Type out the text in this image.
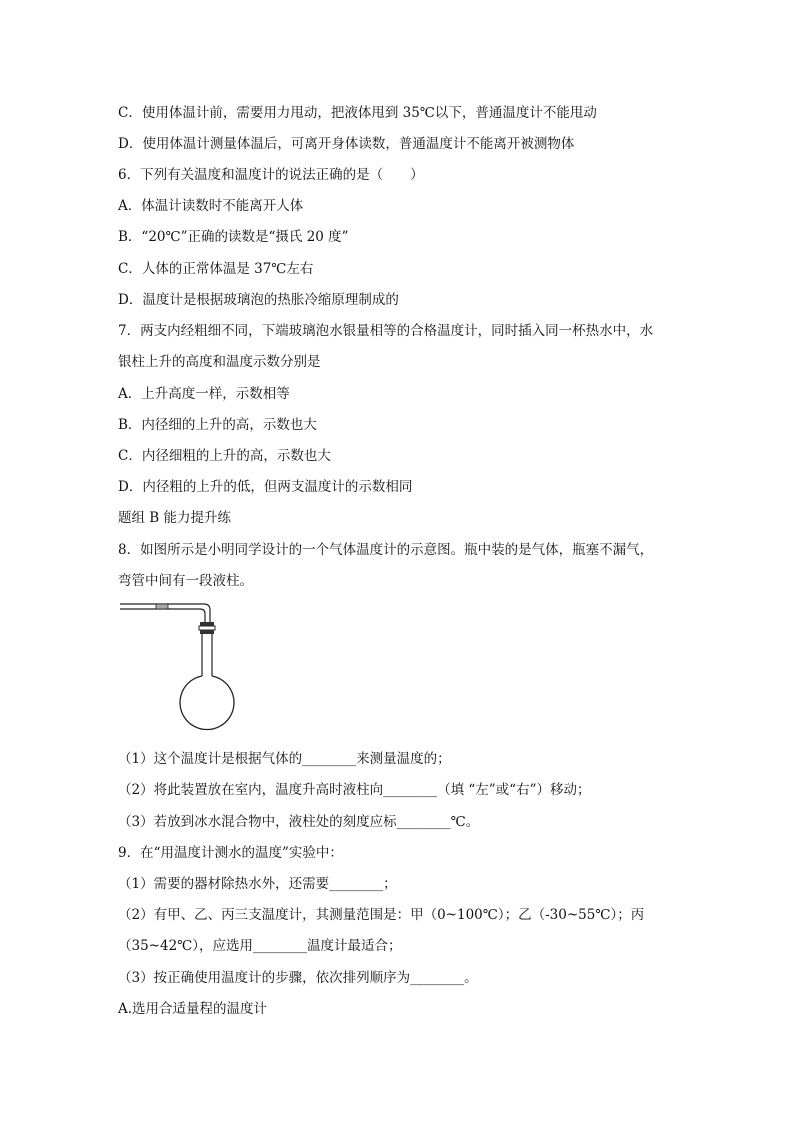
C．使用体温计前，需要用力甩动，把液体甩到 35℃以下，普通温度计不能甩动
D．使用体温计测量体温后，可离开身体读数，普通温度计不能离开被测物体
6．下列有关温度和温度计的说法正确的是（　　）
A．体温计读数时不能离开人体
B．“20℃”正确的读数是“摄氏 20 度”
C．人体的正常体温是 37℃左右
D．温度计是根据玻璃泡的热胀冷缩原理制成的
7．两支内经粗细不同，下端玻璃泡水银量相等的合格温度计，同时插入同一杯热水中，水
银柱上升的高度和温度示数分别是
A．上升高度一样，示数相等
B．内径细的上升的高，示数也大
C．内径细粗的上升的高，示数也大
D．内径粗的上升的低，但两支温度计的示数相同
题组 B 能力提升练
8．如图所示是小明同学设计的一个气体温度计的示意图。瓶中装的是气体，瓶塞不漏气，
弯管中间有一段液柱。
（1）这个温度计是根据气体的________来测量温度的；
（2）将此装置放在室内，温度升高时液柱向________（填 “左”或“右”）移动；
（3）若放到冰水混合物中，液柱处的刻度应标________℃。
9．在“用温度计测水的温度”实验中：
（1）需要的器材除热水外，还需要________；
（2）有甲、乙、丙三支温度计，其测量范围是：甲（0~100℃）；乙（-30~55℃）；丙
（35~42℃），应选用________温度计最适合；
（3）按正确使用温度计的步骤，依次排列顺序为________。
A.选用合适量程的温度计
